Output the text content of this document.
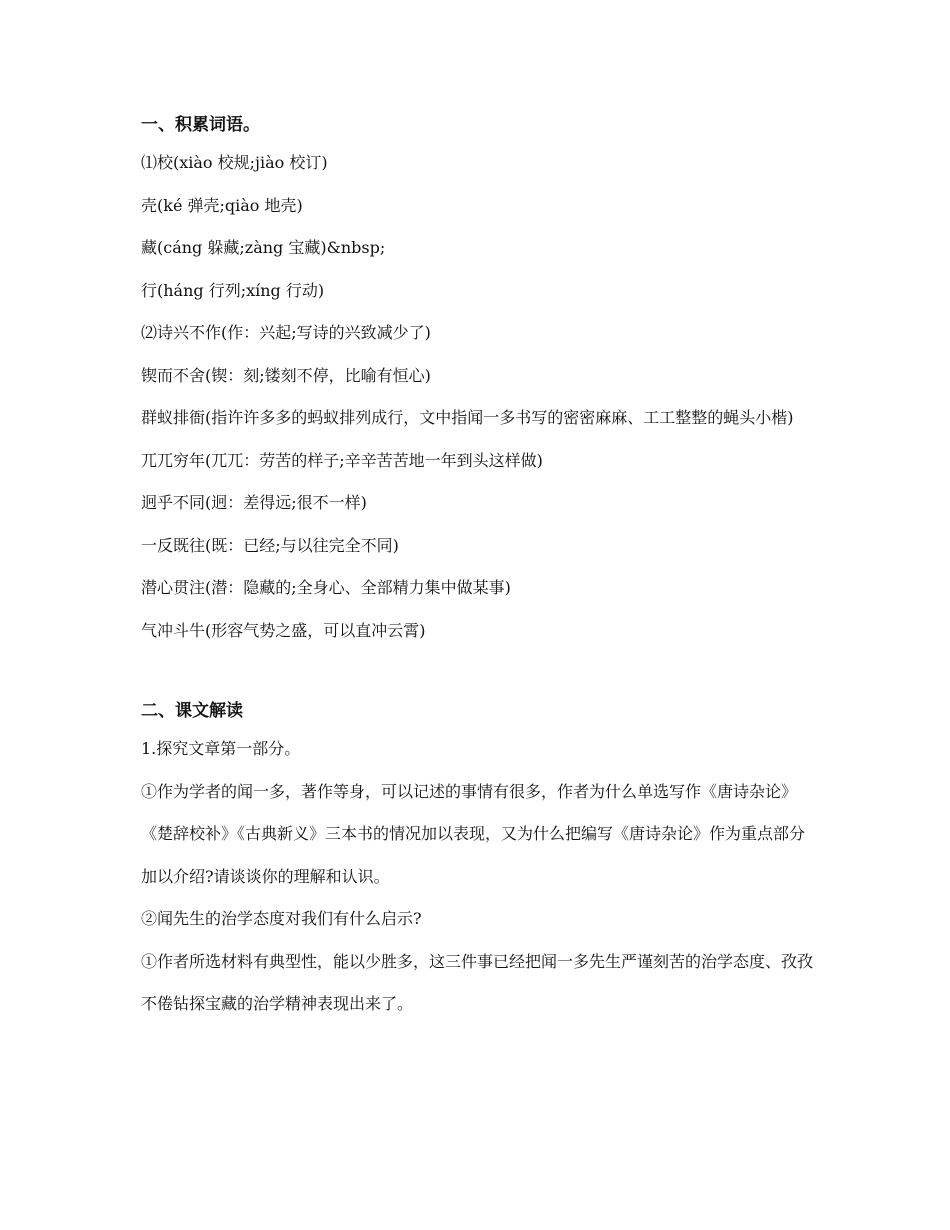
一、积累词语。

⑴校(xiào 校规;jiào 校订)

壳(ké 弹壳;qiào 地壳)

藏(cáng 躲藏;zàng 宝藏)&nbsp;

行(háng 行列;xíng 行动)

⑵诗兴不作(作：兴起;写诗的兴致减少了)

锲而不舍(锲：刻;镂刻不停，比喻有恒心)

群蚁排衙(指许许多多的蚂蚁排列成行，文中指闻一多书写的密密麻麻、工工整整的蝇头小楷)

兀兀穷年(兀兀：劳苦的样子;辛辛苦苦地一年到头这样做)

迥乎不同(迥：差得远;很不一样)

一反既往(既：已经;与以往完全不同)

潜心贯注(潜：隐藏的;全身心、全部精力集中做某事)

气冲斗牛(形容气势之盛，可以直冲云霄)

二、课文解读

1.探究文章第一部分。

①作为学者的闻一多，著作等身，可以记述的事情有很多，作者为什么单选写作《唐诗杂论》《楚辞校补》《古典新义》三本书的情况加以表现，又为什么把编写《唐诗杂论》作为重点部分加以介绍?请谈谈你的理解和认识。

②闻先生的治学态度对我们有什么启示?

①作者所选材料有典型性，能以少胜多，这三件事已经把闻一多先生严谨刻苦的治学态度、孜孜不倦钻探宝藏的治学精神表现出来了。
